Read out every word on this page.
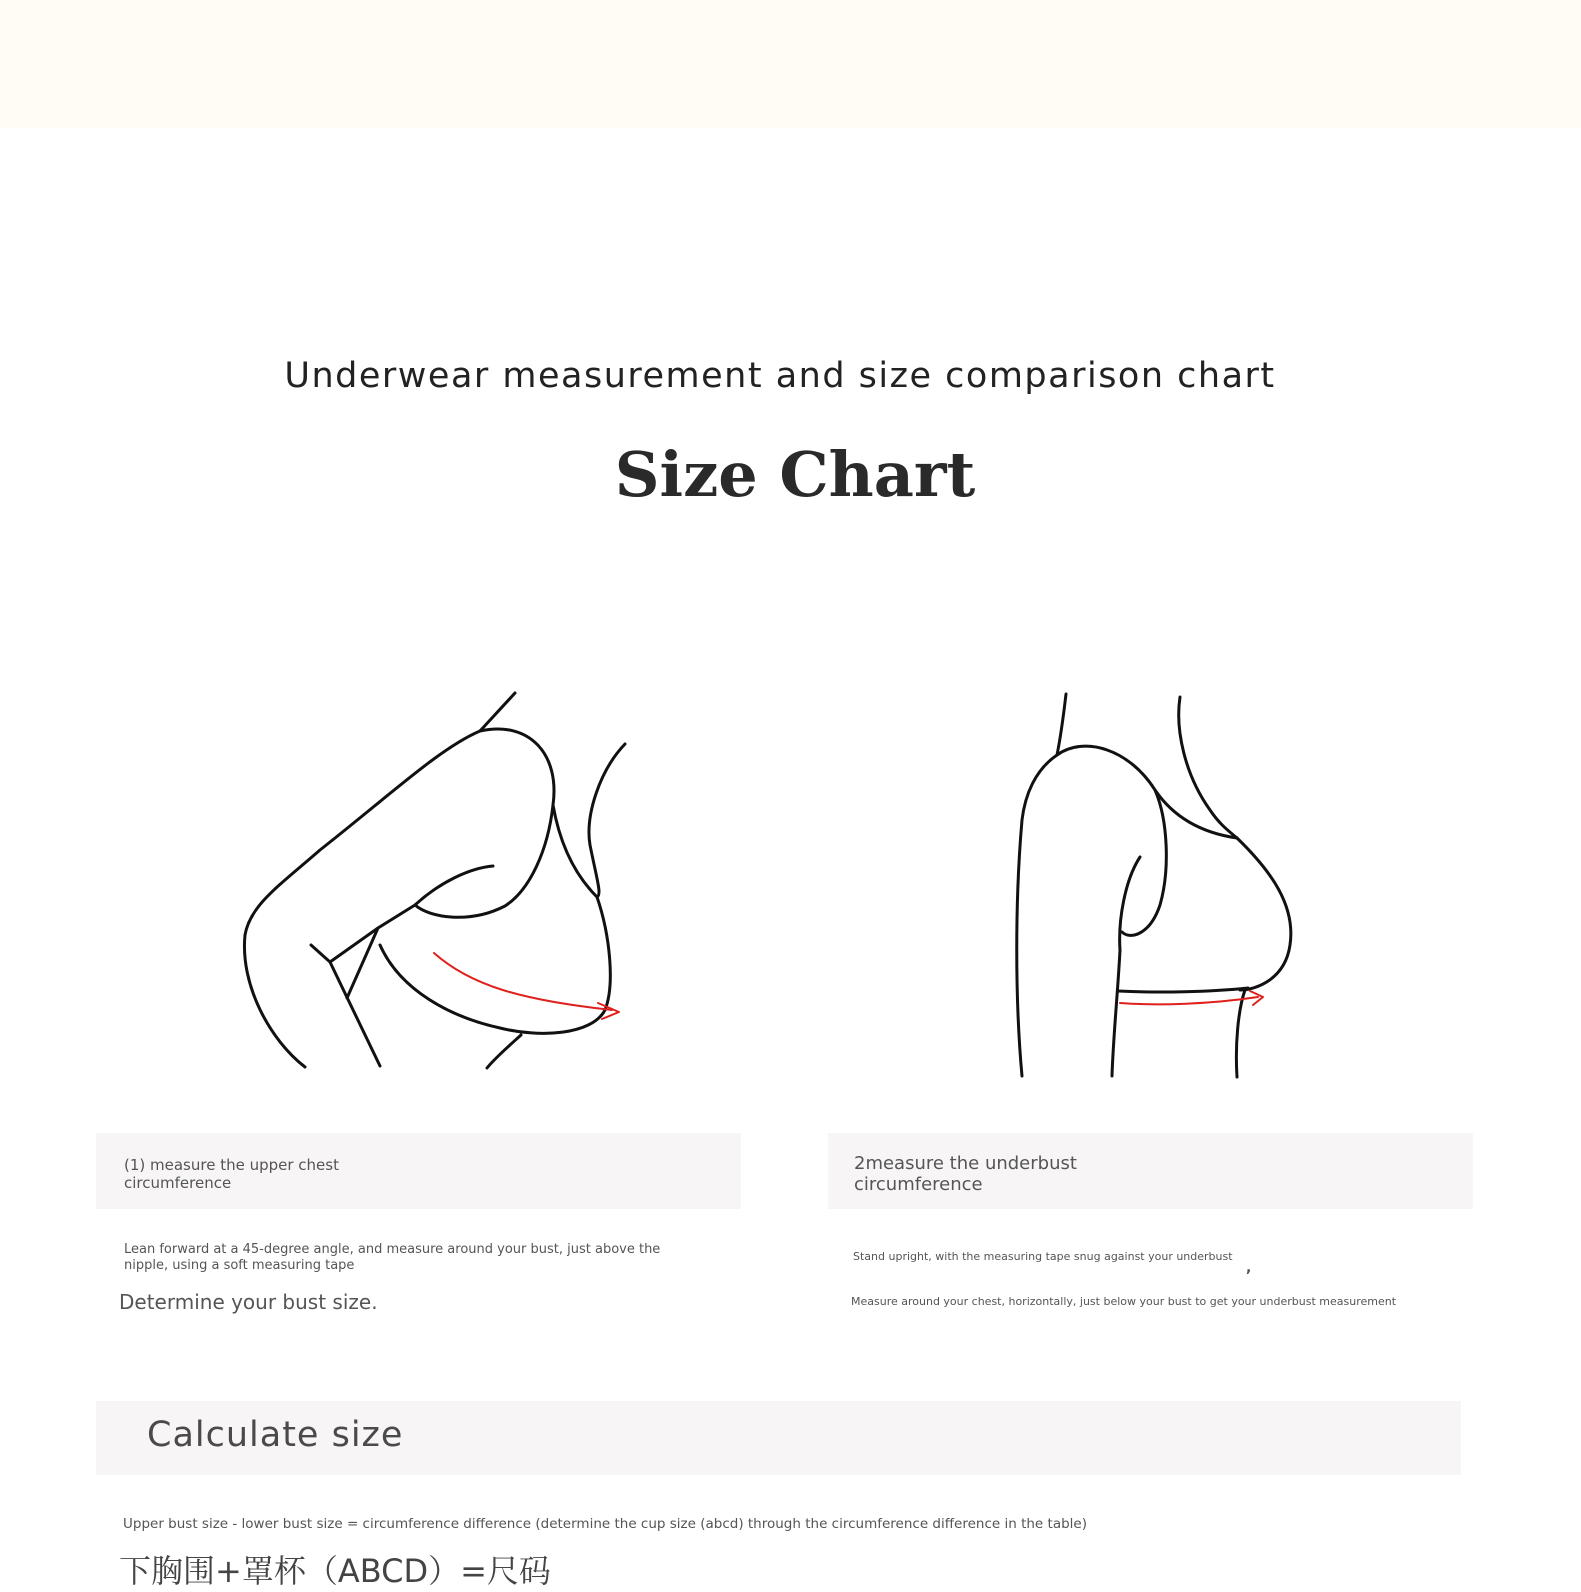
Underwear measurement and size comparison chart
Size Chart
(1) measure the upper chest
circumference
2measure the underbust
circumference
Lean forward at a 45-degree angle, and measure around your bust, just above the
nipple, using a soft measuring tape
Determine your bust size.
Stand upright, with the measuring tape snug against your underbust
,
Measure around your chest, horizontally, just below your bust to get your underbust measurement
Calculate size
Upper bust size - lower bust size = circumference difference (determine the cup size (abcd) through the circumference difference in the table)
下胸围+罩杯（ABCD）=尺码
